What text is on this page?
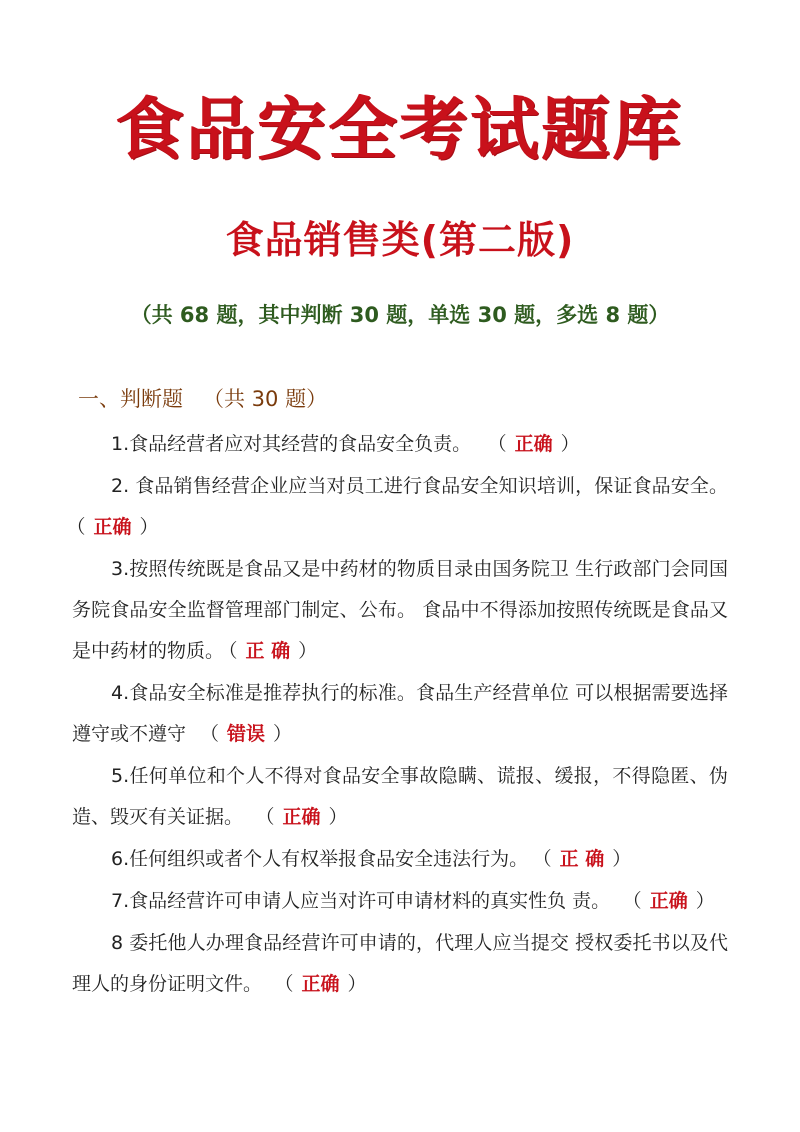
食品安全考试题库
食品销售类(第二版)
（共 68 题，其中判断 30 题，单选 30 题，多选 8 题）
一、判断题 （共 30 题）

1.食品经营者应对其经营的食品安全负责。 （ 正确 ）

2. 食品销售经营企业应当对员工进行食品安全知识培训，保证食品安全。（ 正确 ）

3.按照传统既是食品又是中药材的物质目录由国务院卫 生行政部门会同国务院食品安全监督管理部门制定、公布。 食品中不得添加按照传统既是食品又是中药材的物质。 （ 正 确 ）

4.食品安全标准是推荐执行的标准。食品生产经营单位 可以根据需要选择遵守或不遵守 （ 错误 ）

5.任何单位和个人不得对食品安全事故隐瞒、谎报、缓报，不得隐匿、伪造、毁灭有关证据。 （ 正确 ）

6.任何组织或者个人有权举报食品安全违法行为。 （ 正 确 ）

7.食品经营许可申请人应当对许可申请材料的真实性负 责。 （ 正确 ）

8 委托他人办理食品经营许可申请的，代理人应当提交 授权委托书以及代理人的身份证明文件。 （ 正确 ）
